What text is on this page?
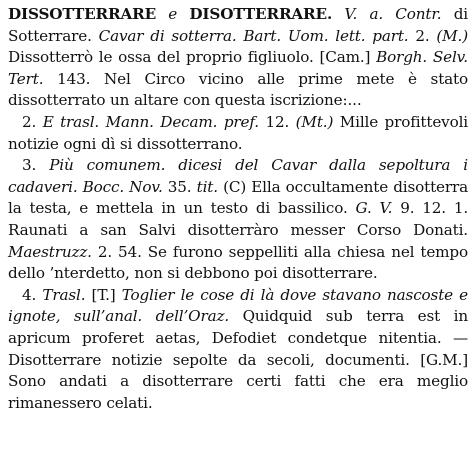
DISSOTTERRARE e DISOTTERRARE. V. a. Contr. di Sotterrare. Cavar di sotterra. Bart. Uom. lett. part. 2. (M.) Dissotterrò le ossa del proprio figliuolo. [Cam.] Borgh. Selv. Tert. 143. Nel Circo vicino alle prime mete è stato dissotterrato un altare con questa iscrizione:...

2. E trasl. Mann. Decam. pref. 12. (Mt.) Mille profittevoli notizie ogni dì si dissotterrano.

3. Più comunem. dicesi del Cavar dalla sepoltura i cadaveri. Bocc. Nov. 35. tit. (C) Ella occultamente disotterra la testa, e mettela in un testo di bassilico. G. V. 9. 12. 1. Raunati a san Salvi disotterràro messer Corso Donati. Maestruzz. 2. 54. Se furono seppelliti alla chiesa nel tempo dello ’nterdetto, non si debbono poi disotterrare.

4. Trasl. [T.] Toglier le cose di là dove stavano nascoste e ignote, sull’anal. dell’Oraz. Quidquid sub terra est in apricum proferet aetas, Defodiet condetque nitentia. — Disotterrare notizie sepolte da secoli, documenti. [G.M.] Sono andati a disotterrare certi fatti che era meglio rimanessero celati.
